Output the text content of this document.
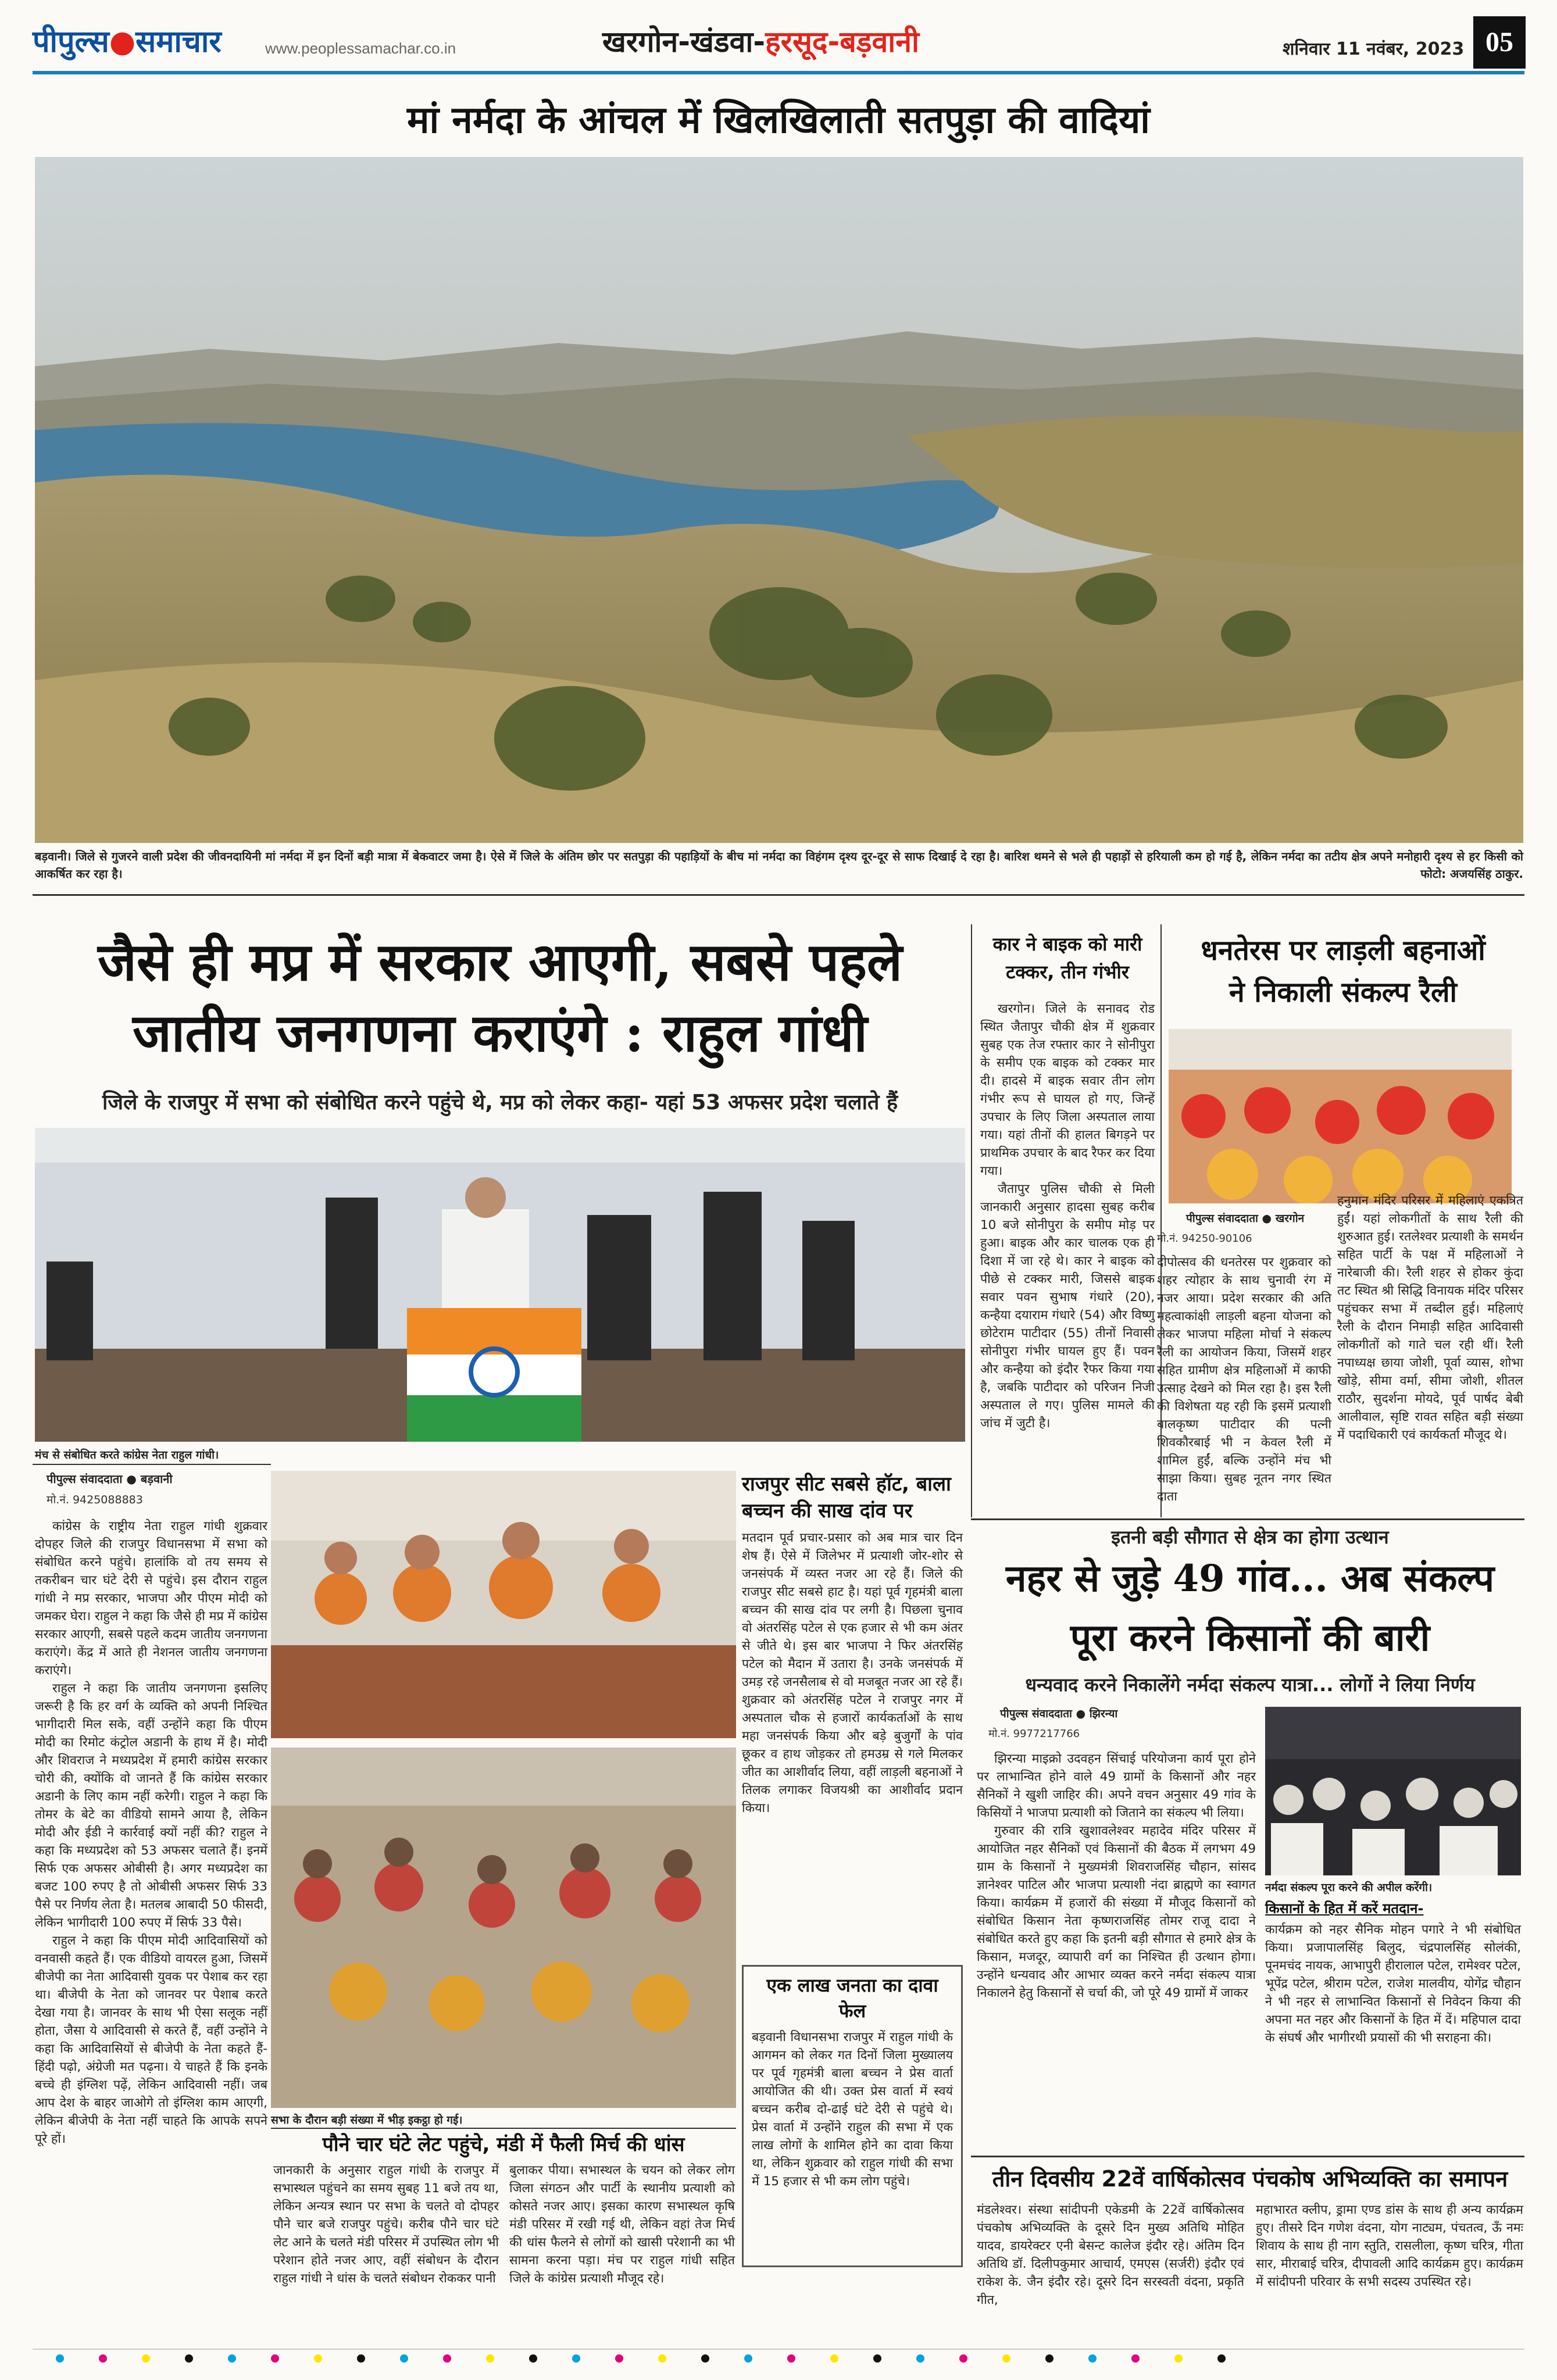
पीपुल्स●समाचार	www.peoplessamachar.co.in	खरगोन-खंडवा-हरसूद-बड़वानी	शनिवार 11 नवंबर, 2023 05
मां नर्मदा के आंचल में खिलखिलाती सतपुड़ा की वादियां
बड़वानी। जिले से गुजरने वाली प्रदेश की जीवनदायिनी मां नर्मदा में इन दिनों बड़ी मात्रा में बेकवाटर जमा है। ऐसे में जिले के अंतिम छोर पर सतपुड़ा की पहाड़ियों के बीच मां नर्मदा का विहंगम दृश्य दूर-दूर से साफ दिखाई दे रहा है। बारिश थमने से भले ही पहाड़ों से हरियाली कम हो गई है, लेकिन नर्मदा का तटीय क्षेत्र अपने मनोहारी दृश्य से हर किसी को आकर्षित कर रहा है।	फोटो: अजयसिंह ठाकुर.
जैसे ही मप्र में सरकार आएगी, सबसे पहले
जातीय जनगणना कराएंगे : राहुल गांधी
जिले के राजपुर में सभा को संबोधित करने पहुंचे थे, मप्र को लेकर कहा- यहां 53 अफसर प्रदेश चलाते हैं
मंच से संबोधित करते कांग्रेस नेता राहुल गांधी।
पीपुल्स संवाददाता ● बड़वानी
मो.नं. 9425088883

कांग्रेस के राष्ट्रीय नेता राहुल गांधी शुक्रवार दोपहर जिले की राजपुर विधानसभा में सभा को संबोधित करने पहुंचे। हालांकि वो तय समय से तकरीबन चार घंटे देरी से पहुंचे। इस दौरान राहुल गांधी ने मप्र सरकार, भाजपा और पीएम मोदी को जमकर घेरा। राहुल ने कहा कि जैसे ही मप्र में कांग्रेस सरकार आएगी, सबसे पहले कदम जातीय जनगणना कराएंगे। केंद्र में आते ही नेशनल जातीय जनगणना कराएंगे।

राहुल ने कहा कि जातीय जनगणना इसलिए जरूरी है कि हर वर्ग के व्यक्ति को अपनी निश्चित भागीदारी मिल सके, वहीं उन्होंने कहा कि पीएम मोदी का रिमोट कंट्रोल अडानी के हाथ में है। मोदी और शिवराज ने मध्यप्रदेश में हमारी कांग्रेस सरकार चोरी की, क्योंकि वो जानते हैं कि कांग्रेस सरकार अडानी के लिए काम नहीं करेगी। राहुल ने कहा कि तोमर के बेटे का वीडियो सामने आया है, लेकिन मोदी और ईडी ने कार्रवाई क्यों नहीं की? राहुल ने कहा कि मध्यप्रदेश को 53 अफसर चलाते हैं। इनमें सिर्फ एक अफसर ओबीसी है। अगर मध्यप्रदेश का बजट 100 रुपए है तो ओबीसी अफसर सिर्फ 33 पैसे पर निर्णय लेता है। मतलब आबादी 50 फीसदी, लेकिन भागीदारी 100 रुपए में सिर्फ 33 पैसे।

राहुल ने कहा कि पीएम मोदी आदिवासियों को वनवासी कहते हैं। एक वीडियो वायरल हुआ, जिसमें बीजेपी का नेता आदिवासी युवक पर पेशाब कर रहा था। बीजेपी के नेता को जानवर पर पेशाब करते देखा गया है। जानवर के साथ भी ऐसा सलूक नहीं होता, जैसा ये आदिवासी से करते हैं, वहीं उन्होंने ने कहा कि आदिवासियों से बीजेपी के नेता कहते हैं- हिंदी पढ़ो, अंग्रेजी मत पढ़ना। ये चाहते हैं कि इनके बच्चे ही इंग्लिश पढ़ें, लेकिन आदिवासी नहीं। जब आप देश के बाहर जाओगे तो इंग्लिश काम आएगी, लेकिन बीजेपी के नेता नहीं चाहते कि आपके सपने पूरे हों।

सभा के दौरान बड़ी संख्या में भीड़ इकट्ठा हो गई।
पौने चार घंटे लेट पहुंचे, मंडी में फैली मिर्च की धांस
जानकारी के अनुसार राहुल गांधी के राजपुर में सभास्थल पहुंचने का समय सुबह 11 बजे तय था, लेकिन अन्यत्र स्थान पर सभा के चलते वो दोपहर पौने चार बजे राजपुर पहुंचे। करीब पौने चार घंटे लेट आने के चलते मंडी परिसर में उपस्थित लोग भी परेशान होते नजर आए, वहीं संबोधन के दौरान राहुल गांधी ने धांस के चलते संबोधन रोककर पानी
बुलाकर पीया। सभास्थल के चयन को लेकर लोग जिला संगठन और पार्टी के स्थानीय प्रत्याशी को कोसते नजर आए। इसका कारण सभास्थल कृषि मंडी परिसर में रखी गई थी, लेकिन वहां तेज मिर्च की धांस फैलने से लोगों को खासी परेशानी का भी सामना करना पड़ा। मंच पर राहुल गांधी सहित जिले के कांग्रेस प्रत्याशी मौजूद रहे।
राजपुर सीट सबसे हॉट, बाला बच्चन की साख दांव पर
मतदान पूर्व प्रचार-प्रसार को अब मात्र चार दिन शेष हैं। ऐसे में जिलेभर में प्रत्याशी जोर-शोर से जनसंपर्क में व्यस्त नजर आ रहे हैं। जिले की राजपुर सीट सबसे हाट है। यहां पूर्व गृहमंत्री बाला बच्चन की साख दांव पर लगी है। पिछला चुनाव वो अंतरसिंह पटेल से एक हजार से भी कम अंतर से जीते थे। इस बार भाजपा ने फिर अंतरसिंह पटेल को मैदान में उतारा है। उनके जनसंपर्क में उमड़ रहे जनसैलाब से वो मजबूत नजर आ रहे हैं। शुक्रवार को अंतरसिंह पटेल ने राजपुर नगर में अस्पताल चौक से हजारों कार्यकर्ताओं के साथ महा जनसंपर्क किया और बड़े बुजुर्गों के पांव छूकर व हाथ जोड़कर तो हमउम्र से गले मिलकर जीत का आशीर्वाद लिया, वहीं लाड़ली बहनाओं ने तिलक लगाकर विजयश्री का आशीर्वाद प्रदान किया।
एक लाख जनता का दावा फेल
बड़वानी विधानसभा राजपुर में राहुल गांधी के आगमन को लेकर गत दिनों जिला मुख्यालय पर पूर्व गृहमंत्री बाला बच्चन ने प्रेस वार्ता आयोजित की थी। उक्त प्रेस वार्ता में स्वयं बच्चन करीब दो-ढाई घंटे देरी से पहुंचे थे। प्रेस वार्ता में उन्होंने राहुल की सभा में एक लाख लोगों के शामिल होने का दावा किया था, लेकिन शुक्रवार को राहुल गांधी की सभा में 15 हजार से भी कम लोग पहुंचे।
कार ने बाइक को मारी टक्कर, तीन गंभीर

खरगोन। जिले के सनावद रोड स्थित जैतापुर चौकी क्षेत्र में शुक्रवार सुबह एक तेज रफ्तार कार ने सोनीपुरा के समीप एक बाइक को टक्कर मार दी। हादसे में बाइक सवार तीन लोग गंभीर रूप से घायल हो गए, जिन्हें उपचार के लिए जिला अस्पताल लाया गया। यहां तीनों की हालत बिगड़ने पर प्राथमिक उपचार के बाद रैफर कर दिया गया।

जैतापुर पुलिस चौकी से मिली जानकारी अनुसार हादसा सुबह करीब 10 बजे सोनीपुरा के समीप मोड़ पर हुआ। बाइक और कार चालक एक ही दिशा में जा रहे थे। कार ने बाइक को पीछे से टक्कर मारी, जिससे बाइक सवार पवन सुभाष गंधारे (20), कन्हैया दयाराम गंधारे (54) और विष्णु छोटेराम पाटीदार (55) तीनों निवासी सोनीपुरा गंभीर घायल हुए हैं। पवन और कन्हैया को इंदौर रैफर किया गया है, जबकि पाटीदार को परिजन निजी अस्पताल ले गए। पुलिस मामले की जांच में जुटी है।

धनतेरस पर लाड़ली बहनाओं
ने निकाली संकल्प रैली
पीपुल्स संवाददाता ● खरगोन
मो.नं. 94250-90106
दीपोत्सव की धनतेरस पर शुक्रवार को शहर त्योहार के साथ चुनावी रंग में नजर आया। प्रदेश सरकार की अति महत्वाकांक्षी लाड़ली बहना योजना को लेकर भाजपा महिला मोर्चा ने संकल्प रैली का आयोजन किया, जिसमें शहर सहित ग्रामीण क्षेत्र महिलाओं में काफी उत्साह देखने को मिल रहा है। इस रैली की विशेषता यह रही कि इसमें प्रत्याशी बालकृष्ण पाटीदार की पत्नी शिवकौरबाई भी न केवल रैली में शामिल हुईं, बल्कि उन्होंने मंच भी साझा किया। सुबह नूतन नगर स्थित दाता
हनुमान मंदिर परिसर में महिलाएं एकत्रित हुईं। यहां लोकगीतों के साथ रैली की शुरुआत हुई। रतलेश्वर प्रत्याशी के समर्थन सहित पार्टी के पक्ष में महिलाओं ने नारेबाजी की। रैली शहर से होकर कुंदा तट स्थित श्री सिद्धि विनायक मंदिर परिसर पहुंचकर सभा में तब्दील हुई। महिलाएं रैली के दौरान निमाड़ी सहित आदिवासी लोकगीतों को गाते चल रही थीं। रैली नपाध्यक्ष छाया जोशी, पूर्वा व्यास, शोभा खोड़े, सीमा वर्मा, सीमा जोशी, शीतल राठौर, सुदर्शना मोयदे, पूर्व पार्षद बेबी आलीवाल, सृष्टि रावत सहित बड़ी संख्या में पदाधिकारी एवं कार्यकर्ता मौजूद थे।
इतनी बड़ी सौगात से क्षेत्र का होगा उत्थान
नहर से जुड़े 49 गांव... अब संकल्प
पूरा करने किसानों की बारी
धन्यवाद करने निकालेंगे नर्मदा संकल्प यात्रा... लोगों ने लिया निर्णय
पीपुल्स संवाददाता ● झिरन्या
मो.नं. 9977217766

झिरन्या माइक्रो उदवहन सिंचाई परियोजना कार्य पूरा होने पर लाभान्वित होने वाले 49 ग्रामों के किसानों और नहर सैनिकों ने खुशी जाहिर की। अपने वचन अनुसार 49 गांव के किसियों ने भाजपा प्रत्याशी को जिताने का संकल्प भी लिया।

गुरुवार की रात्रि खुशावलेश्वर महादेव मंदिर परिसर में आयोजित नहर सैनिकों एवं किसानों की बैठक में लगभग 49 ग्राम के किसानों ने मुख्यमंत्री शिवराजसिंह चौहान, सांसद ज्ञानेश्वर पाटिल और भाजपा प्रत्याशी नंदा ब्राह्मणे का स्वागत किया। कार्यक्रम में हजारों की संख्या में मौजूद किसानों को संबोधित किसान नेता कृष्णराजसिंह तोमर राजू दादा ने संबोधित करते हुए कहा कि इतनी बड़ी सौगात से हमारे क्षेत्र के किसान, मजदूर, व्यापारी वर्ग का निश्चित ही उत्थान होगा। उन्होंने धन्यवाद और आभार व्यक्त करने नर्मदा संकल्प यात्रा निकालने हेतु किसानों से चर्चा की, जो पूरे 49 ग्रामों में जाकर

नर्मदा संकल्प पूरा करने की अपील करेंगी।
किसानों के हित में करें मतदान-
कार्यक्रम को नहर सैनिक मोहन पगारे ने भी संबोधित किया। प्रजापालसिंह बिलुद, चंद्रपालसिंह सोलंकी, पूनमचंद नायक, आभापुरी हीरालाल पटेल, रामेश्वर पटेल, भूपेंद्र पटेल, श्रीराम पटेल, राजेश मालवीय, योगेंद्र चौहान ने भी नहर से लाभान्वित किसानों से निवेदन किया की अपना मत नहर और किसानों के हित में दें। महिपाल दादा के संघर्ष और भागीरथी प्रयासों की भी सराहना की।
तीन दिवसीय 22वें वार्षिकोत्सव पंचकोष अभिव्यक्ति का समापन
मंडलेश्वर। संस्था सांदीपनी एकेडमी के 22वें वार्षिकोत्सव पंचकोष अभिव्यक्ति के दूसरे दिन मुख्य अतिथि मोहित यादव, डायरेक्टर एनी बेसन्ट कालेज इंदौर रहे। अंतिम दिन अतिथि डॉ. दिलीपकुमार आचार्य, एमएस (सर्जरी) इंदौर एवं राकेश के. जैन इंदौर रहे। दूसरे दिन सरस्वती वंदना, प्रकृति गीत,
महाभारत क्लीप, ड्रामा एण्ड डांस के साथ ही अन्य कार्यक्रम हुए। तीसरे दिन गणेश वंदना, योग नाट्यम, पंचतत्व, ऊँ नमः शिवाय के साथ ही नाग स्तुति, रासलीला, कृष्ण चरित्र, गीता सार, मीराबाई चरित्र, दीपावली आदि कार्यक्रम हुए। कार्यक्रम में सांदीपनी परिवार के सभी सदस्य उपस्थित रहे।
